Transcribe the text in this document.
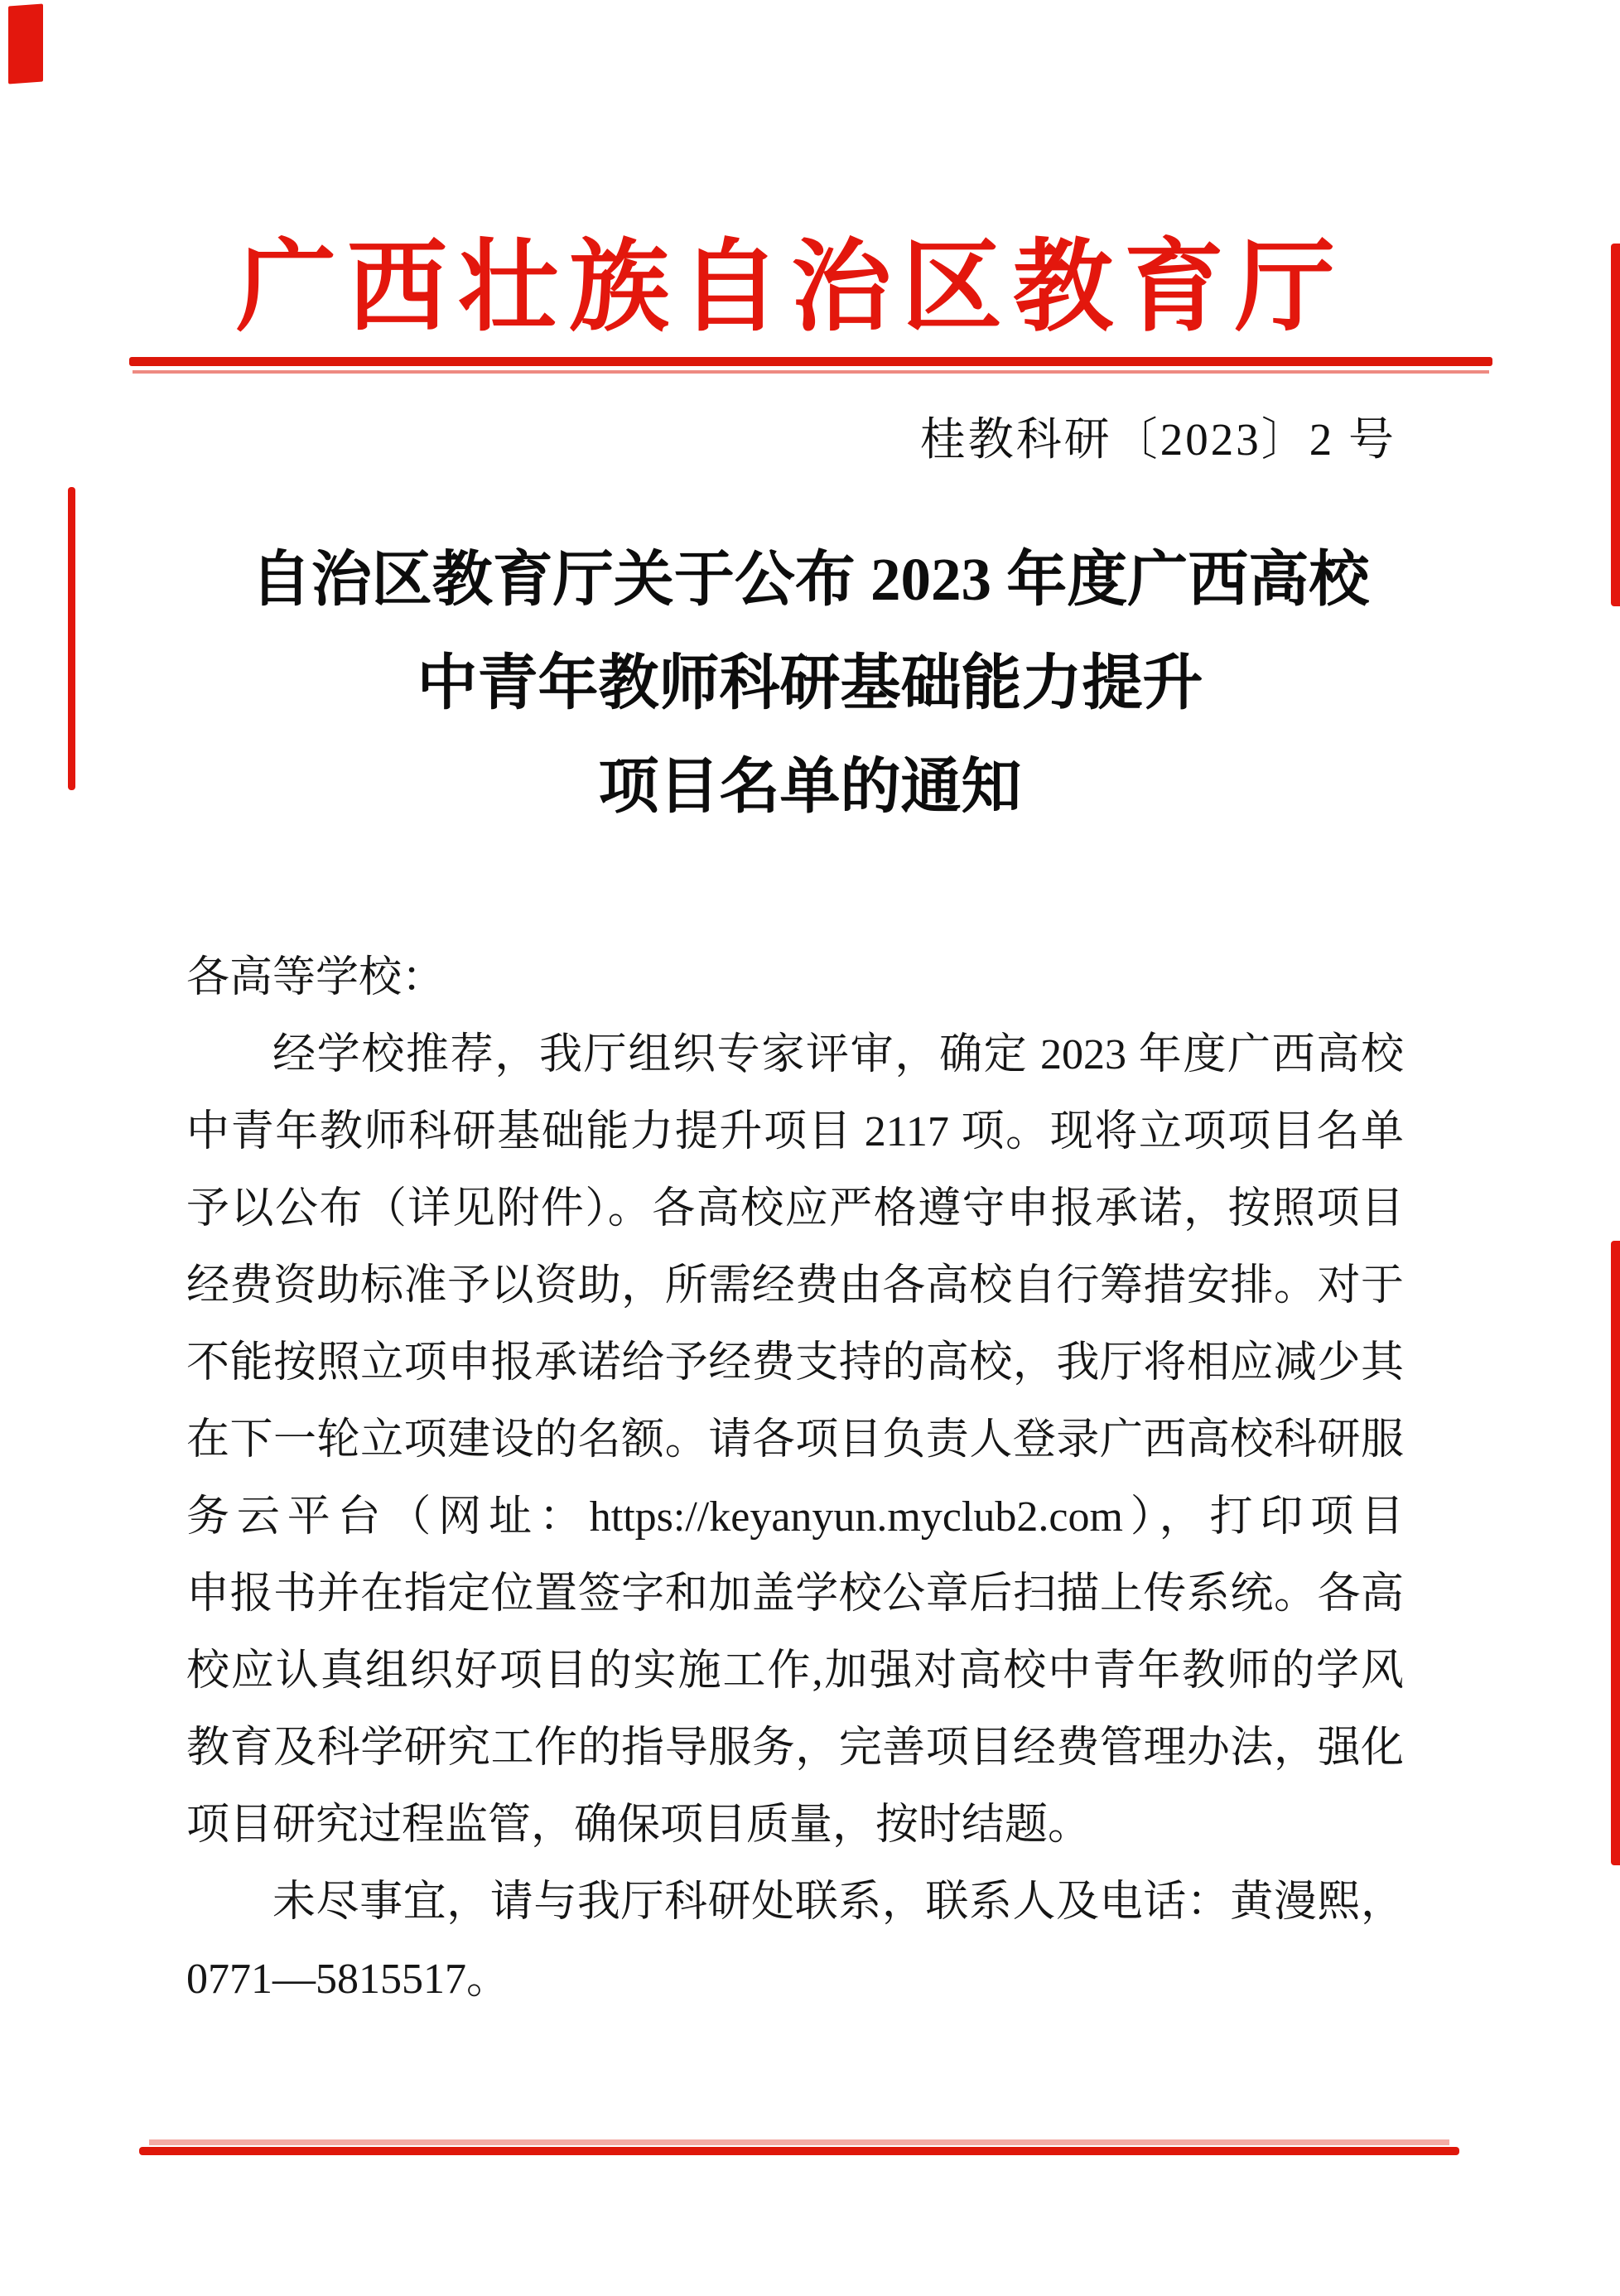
广西壮族自治区教育厅
桂教科研〔2023〕2 号
自治区教育厅关于公布 2023 年度广西高校
中青年教师科研基础能力提升
项目名单的通知
各高等学校：
经学校推荐，我厅组织专家评审，确定 2023 年度广西高校
中青年教师科研基础能力提升项目 2117 项。现将立项项目名单
予以公布（详见附件）。各高校应严格遵守申报承诺，按照项目
经费资助标准予以资助，所需经费由各高校自行筹措安排。对于
不能按照立项申报承诺给予经费支持的高校，我厅将相应减少其
在下一轮立项建设的名额。请各项目负责人登录广西高校科研服
务云平台（网址：https://keyanyun.myclub2.com），打印项目
申报书并在指定位置签字和加盖学校公章后扫描上传系统。各高
校应认真组织好项目的实施工作,加强对高校中青年教师的学风
教育及科学研究工作的指导服务，完善项目经费管理办法，强化
项目研究过程监管，确保项目质量，按时结题。
未尽事宜，请与我厅科研处联系，联系人及电话：黄漫熙，
0771—5815517。
